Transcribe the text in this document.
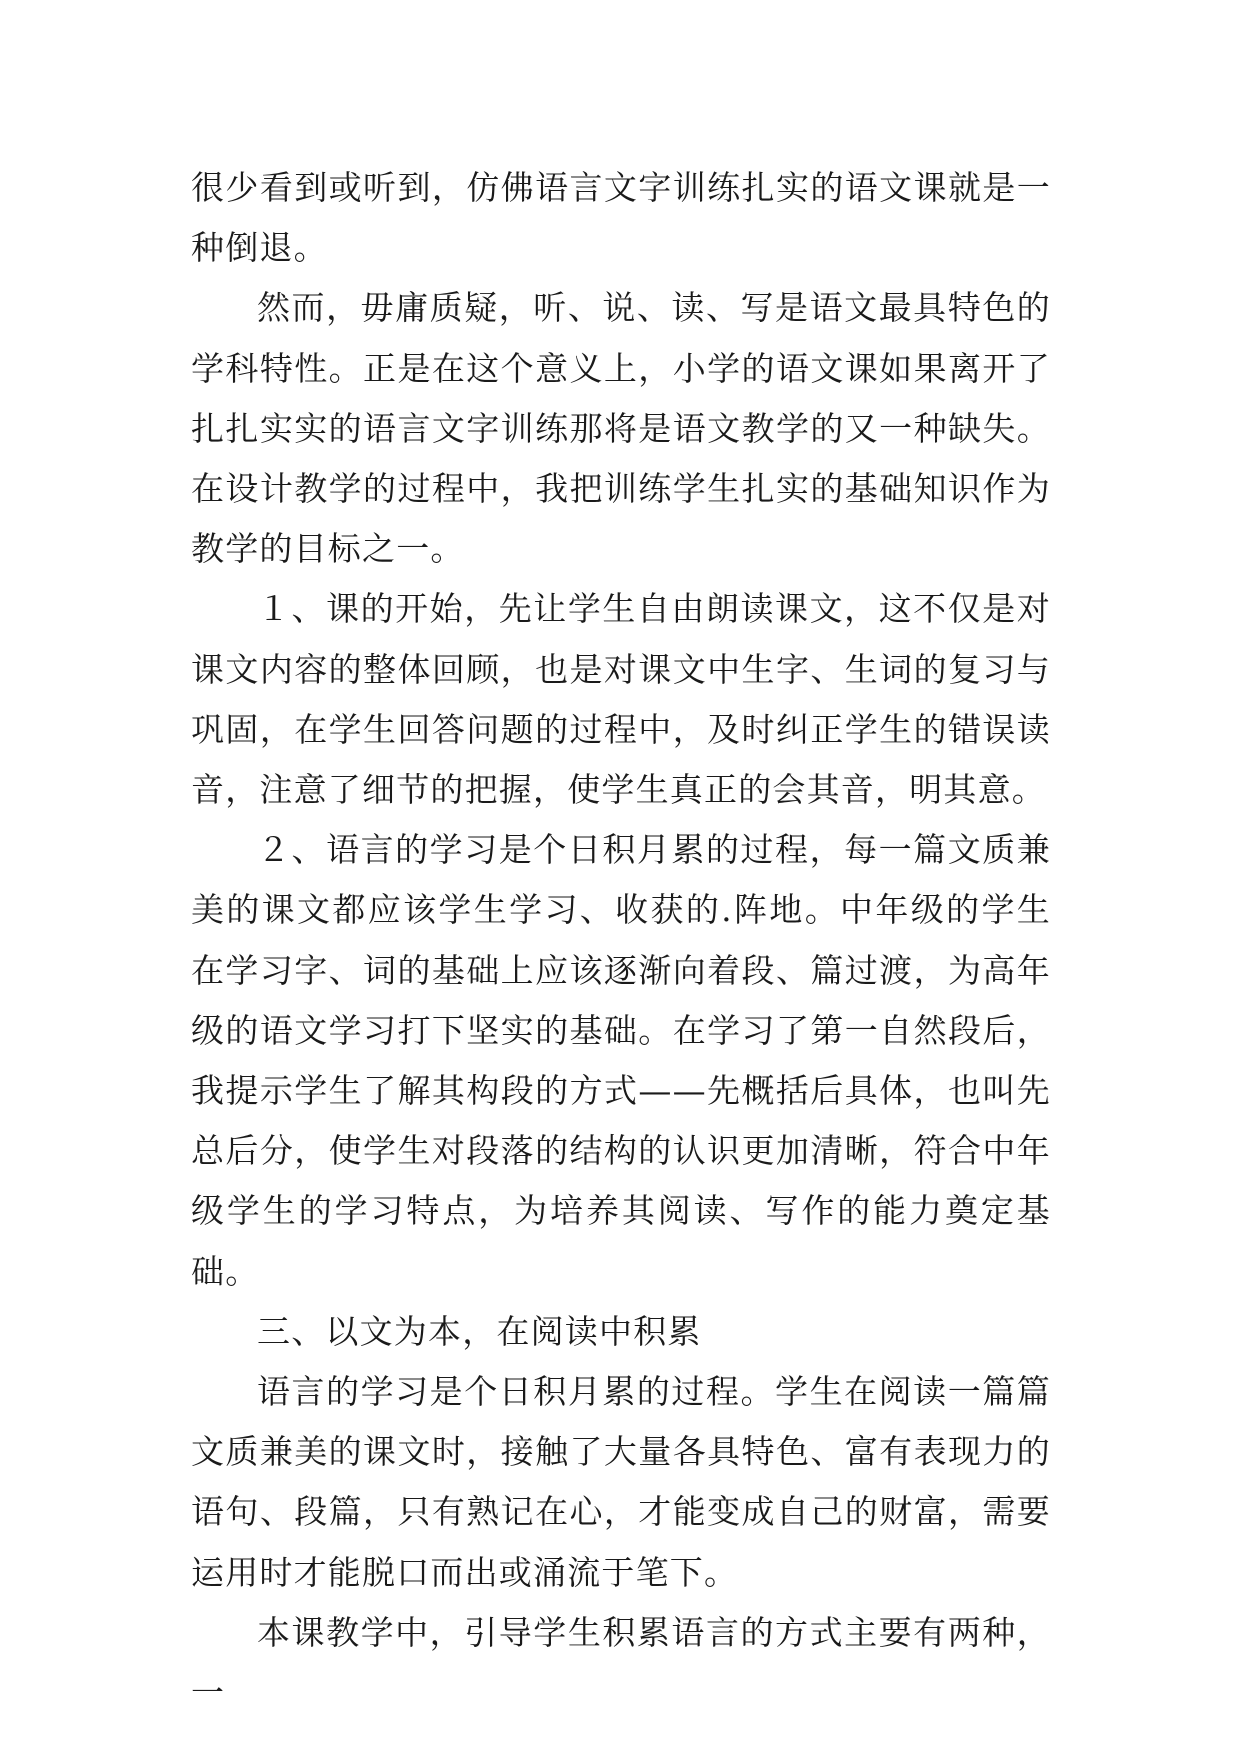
很少看到或听到，仿佛语言文字训练扎实的语文课就是一种倒退。

然而，毋庸质疑，听、说、读、写是语文最具特色的学科特性。正是在这个意义上，小学的语文课如果离开了扎扎实实的语言文字训练那将是语文教学的又一种缺失。在设计教学的过程中，我把训练学生扎实的基础知识作为教学的目标之一。

１、课的开始，先让学生自由朗读课文，这不仅是对课文内容的整体回顾，也是对课文中生字、生词的复习与巩固，在学生回答问题的过程中，及时纠正学生的错误读音，注意了细节的把握，使学生真正的会其音，明其意。

２、语言的学习是个日积月累的过程，每一篇文质兼美的课文都应该学生学习、收获的.阵地。中年级的学生在学习字、词的基础上应该逐渐向着段、篇过渡，为高年级的语文学习打下坚实的基础。在学习了第一自然段后，我提示学生了解其构段的方式——先概括后具体，也叫先总后分，使学生对段落的结构的认识更加清晰，符合中年级学生的学习特点，为培养其阅读、写作的能力奠定基础。

三、以文为本，在阅读中积累

语言的学习是个日积月累的过程。学生在阅读一篇篇文质兼美的课文时，接触了大量各具特色、富有表现力的语句、段篇，只有熟记在心，才能变成自己的财富，需要运用时才能脱口而出或涌流于笔下。

本课教学中，引导学生积累语言的方式主要有两种，一
